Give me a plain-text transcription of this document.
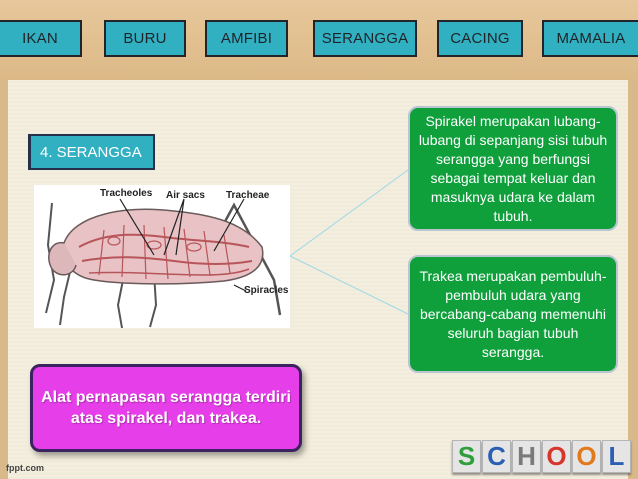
IKAN	BURU	AMFIBI	SERANGGA	CACING	MAMALIA
4. SERANGGA
Tracheoles Air sacs Tracheae
Spiracles
Spirakel merupakan lubang-lubang di sepanjang sisi tubuh serangga yang berfungsi sebagai tempat keluar dan masuknya udara ke dalam tubuh.
Trakea merupakan pembuluh-pembuluh udara yang bercabang-cabang memenuhi seluruh bagian tubuh serangga.
Alat pernapasan serangga terdiri atas spirakel, dan trakea.
fppt.com	S C H O O L
